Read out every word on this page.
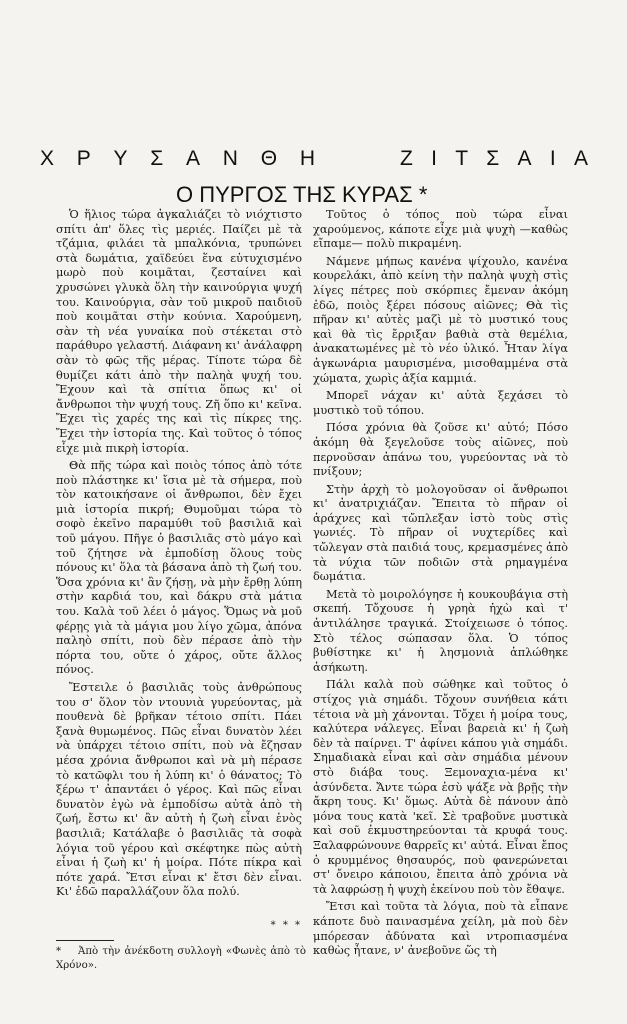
Χ Ρ Υ Σ Α Ν Θ Η	Ζ Ι Τ Σ Α Ι Α
Ο ΠΥΡΓΟΣ ΤΗΣ ΚΥΡΑΣ *

Ὁ ἥλιος τώρα ἀγκαλιάζει τὸ νιόχτιστο σπίτι ἀπ' ὅλες τὶς μεριές. Παίζει μὲ τὰ τζάμια, φιλάει τὰ μπαλκόνια, τρυπώνει στὰ δωμάτια, χαϊδεύει ἕνα εὐτυχισμένο μωρὸ ποὺ κοιμᾶται, ζεσταίνει καὶ χρυσώνει γλυκὰ ὅλη τὴν καινούργια ψυχή του. Καινούργια, σὰν τοῦ μικροῦ παιδιοῦ ποὺ κοιμᾶται στὴν κούνια. Χαρούμενη, σὰν τὴ νέα γυναίκα ποὺ στέκεται στὸ παράθυρο γελαστή. Διάφανη κι' ἀνάλαφρη σὰν τὸ φῶς τῆς μέρας. Τίποτε τώρα δὲ θυμίζει κάτι ἀπὸ τὴν παληὰ ψυχή του. Ἔχουν καὶ τὰ σπίτια ὅπως κι' οἱ ἄνθρωποι τὴν ψυχή τους. Ζῆ ὅπο κι' κεῖνα. Ἔχει τὶς χαρές της καὶ τὶς πίκρες της. Ἔχει τὴν ἱστορία της. Καὶ τοῦτος ὁ τόπος εἶχε μιὰ πικρὴ ἱστορία.

Θὰ πῆς τώρα καὶ ποιὸς τόπος ἀπὸ τότε ποὺ πλάστηκε κι' ἴσια μὲ τὰ σήμερα, ποὺ τὸν κατοικήσανε οἱ ἄνθρωποι, δὲν ἔχει μιὰ ἱστορία πικρή; Θυμοῦμαι τώρα τὸ σοφὸ ἐκεῖνο παραμύθι τοῦ βασιλιᾶ καὶ τοῦ μάγου. Πῆγε ὁ βασιλιᾶς στὸ μάγο καὶ τοῦ ζήτησε νὰ ἐμποδίσῃ ὅλους τοὺς πόνους κι' ὅλα τὰ βάσανα ἀπὸ τὴ ζωή του. Ὅσα χρόνια κι' ἂν ζήσῃ, νὰ μὴν ἔρθῃ λύπη στὴν καρδιά του, καὶ δάκρυ στὰ μάτια του. Καλὰ τοῦ λέει ὁ μάγος. Ὅμως νὰ μοῦ φέρῃς γιὰ τὰ μάγια μου λίγο χῶμα, ἀπόνα παληὸ σπίτι, ποὺ δὲν πέρασε ἀπὸ τὴν πόρτα του, οὔτε ὁ χάρος, οὔτε ἄλλος πόνος.

Ἔστειλε ὁ βασιλιᾶς τοὺς ἀνθρώπους του σ' ὅλον τὸν ντουνιὰ γυρεύοντας, μὰ πουθενὰ δὲ βρῆκαν τέτοιο σπίτι. Πάει ξανὰ θυμωμένος. Πῶς εἶναι δυνατὸν λέει νὰ ὑπάρχει τέτοιο σπίτι, ποὺ νὰ ἔζησαν μέσα χρόνια ἄνθρωποι καὶ νὰ μὴ πέρασε τὸ κατῶφλι του ἡ λύπη κι' ὁ θάνατος; Τὸ ξέρω τ' ἀπαντάει ὁ γέρος. Καὶ πῶς εἶναι δυνατὸν ἐγὼ νὰ ἐμποδίσω αὐτὰ ἀπὸ τὴ ζωή, ἔστω κι' ἂν αὐτὴ ἡ ζωὴ εἶναι ἑνὸς βασιλιᾶ; Κατάλαβε ὁ βασιλιᾶς τὰ σοφὰ λόγια τοῦ γέρου καὶ σκέφτηκε πὼς αὐτὴ εἶναι ἡ ζωὴ κι' ἡ μοίρα. Πότε πίκρα καὶ πότε χαρά. Ἔτσι εἶναι κ' ἔτσι δὲν εἶναι. Κι' ἐδῶ παραλλάζουν ὅλα πολύ.

* * *
* Ἀπὸ τὴν ἀνέκδοτη συλλογὴ «Φωνὲς ἀπὸ τὸ Χρόνο».

Τοῦτος ὁ τόπος ποὺ τώρα εἶναι χαρούμενος, κάποτε εἶχε μιὰ ψυχὴ —καθὼς εἴπαμε— πολὺ πικραμένη.

Νάμενε μήπως κανένα ψίχουλο, κανένα κουρελάκι, ἀπὸ κείνη τὴν παληὰ ψυχὴ στὶς λίγες πέτρες ποὺ σκόρπιες ἔμεναν ἀκόμη ἐδῶ, ποιὸς ξέρει πόσους αἰῶνες; Θὰ τὶς πῆραν κι' αὐτὲς μαζὶ μὲ τὸ μυστικό τους καὶ θὰ τὶς ἔρριξαν βαθιὰ στὰ θεμέλια, ἀνακατωμένες μὲ τὸ νέο ὑλικό. Ἦταν λίγα ἀγκωνάρια μαυρισμένα, μισοθαμμένα στὰ χώματα, χωρὶς ἀξία καμμιά.

Μπορεῖ νάχαν κι' αὐτὰ ξεχάσει τὸ μυστικὸ τοῦ τόπου.

Πόσα χρόνια θὰ ζοῦσε κι' αὐτό; Πόσο ἀκόμη θὰ ξεγελοῦσε τοὺς αἰῶνες, ποὺ περνοῦσαν ἀπάνω του, γυρεύοντας νὰ τὸ πνίξουν;

Στὴν ἀρχὴ τὸ μολογοῦσαν οἱ ἄνθρωποι κι' ἀνατριχιάζαν. Ἔπειτα τὸ πῆραν οἱ ἀράχνες καὶ τὤπλεξαν ἱστὸ τοὺς στὶς γωνιές. Τὸ πῆραν οἱ νυχτερίδες καὶ τὤλεγαν στὰ παιδιά τους, κρεμασμένες ἀπὸ τὰ νύχια τῶν ποδιῶν στὰ ρημαγμένα δωμάτια.

Μετὰ τὸ μοιρολόγησε ἡ κουκουβάγια στὴ σκεπή. Τὄχουσε ἡ γρηὰ ἠχὼ καὶ τ' ἀντιλάλησε τραγικά. Στοίχειωσε ὁ τόπος. Στὸ τέλος σώπασαν ὅλα. Ὁ τόπος βυθίστηκε κι' ἡ λησμονιὰ ἁπλώθηκε ἀσήκωτη.

Πάλι καλὰ ποὺ σώθηκε καὶ τοῦτος ὁ στίχος γιὰ σημάδι. Τὄχουν συνήθεια κάτι τέτοια νὰ μὴ χάνονται. Τὄχει ἡ μοίρα τους, καλύτερα νάλεγες. Εἶναι βαρειὰ κι' ἡ ζωὴ δὲν τὰ παίρνει. Τ' ἀφίνει κάπου γιὰ σημάδι. Σημαδιακὰ εἶναι καὶ σὰν σημάδια μένουν στὸ διάβα τους. Ξεμοναχια-μένα κι' ἀσύνδετα. Ἄντε τώρα ἐσὺ ψάξε νὰ βρῇς τὴν ἄκρη τους. Κι' ὅμως. Αὐτὰ δὲ πάνουν ἀπὸ μόνα τους κατὰ 'κεῖ. Σὲ τραβοῦνε μυστικὰ καὶ σοῦ ἐκμυστηρεύονται τὰ κρυφά τους. Ξαλαφρώνουνε θαρρεῖς κι' αὐτά. Εἶναι ἔπος ὁ κρυμμένος θησαυρός, ποὺ φανερώνεται στ' ὄνειρο κάποιου, ἔπειτα ἀπὸ χρόνια νὰ τὰ λαφρώσῃ ἡ ψυχὴ ἐκείνου ποὺ τὸν ἔθαψε.

Ἔτσι καὶ τοῦτα τὰ λόγια, ποὺ τὰ εἶπανε κάποτε δυὸ παινασμένα χείλη, μὰ ποὺ δὲν μπόρεσαν ἀδύνατα καὶ ντροπιασμένα καθὼς ἦτανε, ν' ἀνεβοῦνε ὥς τὴ
